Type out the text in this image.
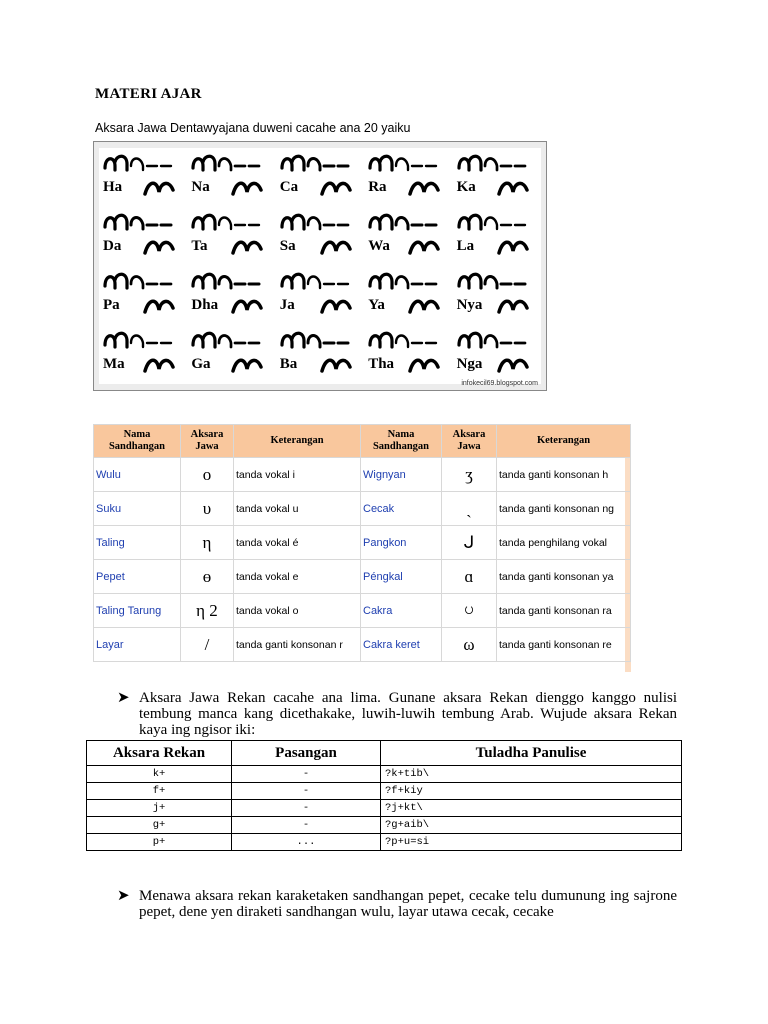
MATERI AJAR
Aksara Jawa Dentawyajana duweni cacahe ana 20 yaiku
Ha	Na	Ca	Ra	Ka
Da	Ta	Sa	Wa	La
Pa	Dha	Ja	Ya	Nya
Ma	Ga	Ba	Tha	Nga
infokecil69.blogspot.com
Nama Sandhangan	Aksara Jawa	Keterangan	Nama Sandhangan	Aksara Jawa	Keterangan
Wulu	o	tanda vokal i	Wignyan	ʒ	tanda ganti konsonan h
Suku	υ	tanda vokal u	Cecak	ˎ	tanda ganti konsonan ng
Taling	η	tanda vokal é	Pangkon	ᒍ	tanda penghilang vokal
Pepet	ɵ	tanda vokal e	Péngkal	ɑ	tanda ganti konsonan ya
Taling Tarung	η 2	tanda vokal o	Cakra	ပ	tanda ganti konsonan ra
Layar	/	tanda ganti konsonan r	Cakra keret	ω	tanda ganti konsonan re
➤ Aksara Jawa Rekan cacahe ana lima. Gunane aksara Rekan dienggo kanggo nulisi tembung manca kang dicethakake, luwih-luwih tembung Arab. Wujude aksara Rekan kaya ing ngisor iki:
Aksara Rekan	Pasangan	Tuladha Panulise
k+	-	?k+tib\
f+	-	?f+kiy
j+	-	?j+kt\
g+	-	?g+aib\
p+	...	?p+u=si
➤ Menawa aksara rekan karaketaken sandhangan pepet, cecake telu dumunung ing sajrone pepet, dene yen diraketi sandhangan wulu, layar utawa cecak, cecake
